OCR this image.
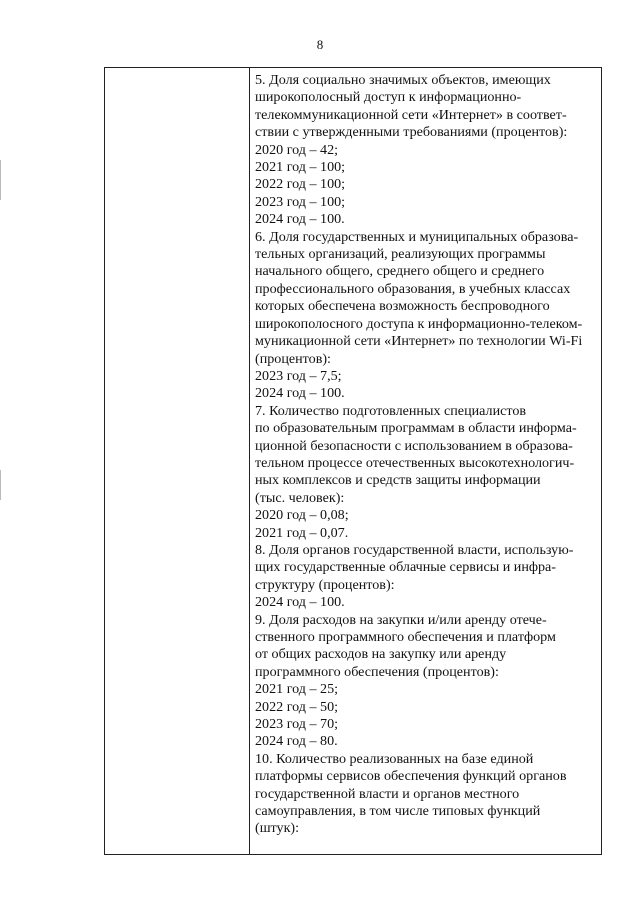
8
5. Доля социально значимых объектов, имеющих
широкополосный доступ к информационно-
телекоммуникационной сети «Интернет» в соответ-
ствии с утвержденными требованиями (процентов):
2020 год – 42;
2021 год – 100;
2022 год – 100;
2023 год – 100;
2024 год – 100.
6. Доля государственных и муниципальных образова-
тельных организаций, реализующих программы
начального общего, среднего общего и среднего
профессионального образования, в учебных классах
которых обеспечена возможность беспроводного
широкополосного доступа к информационно-телеком-
муникационной сети «Интернет» по технологии Wi-Fi
(процентов):
2023 год – 7,5;
2024 год – 100.
7. Количество подготовленных специалистов
по образовательным программам в области информа-
ционной безопасности с использованием в образова-
тельном процессе отечественных высокотехнологич-
ных комплексов и средств защиты информации
(тыс. человек):
2020 год – 0,08;
2021 год – 0,07.
8. Доля органов государственной власти, использую-
щих государственные облачные сервисы и инфра-
структуру (процентов):
2024 год – 100.
9. Доля расходов на закупки и/или аренду отече-
ственного программного обеспечения и платформ
от общих расходов на закупку или аренду
программного обеспечения (процентов):
2021 год – 25;
2022 год – 50;
2023 год – 70;
2024 год – 80.
10. Количество реализованных на базе единой
платформы сервисов обеспечения функций органов
государственной власти и органов местного
самоуправления, в том числе типовых функций
(штук):
